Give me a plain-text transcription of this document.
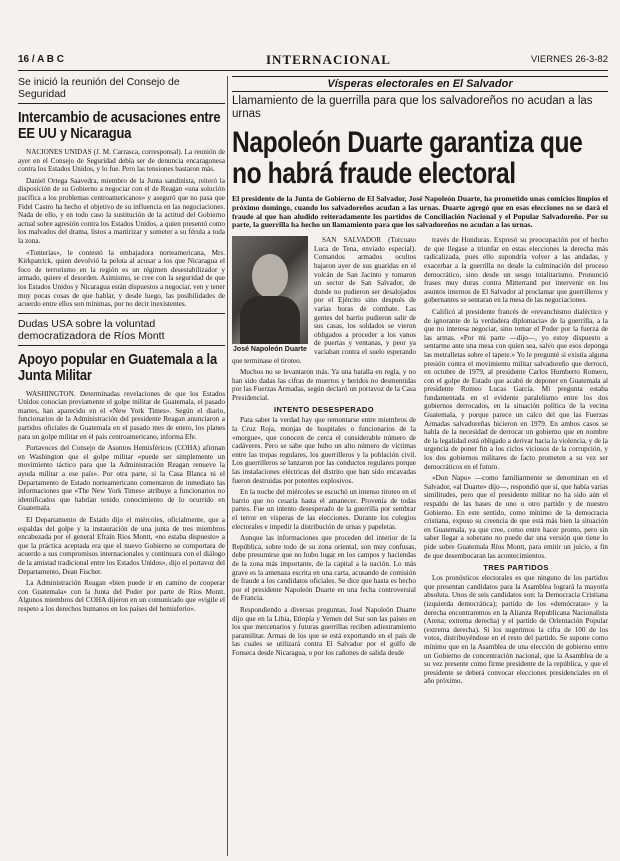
16 / A B C	INTERNACIONAL	VIERNES 26-3-82

Se inició la reunión del Consejo de Seguridad

Intercambio de acusaciones entre EE UU y Nicaragua

NACIONES UNIDAS (J. M. Carrasca, corresponsal). La reunión de ayer en el Consejo de Seguridad debía ser de denuncia encaragonesa contra los Estados Unidos, y lo fue. Pero las tensiones bastaron más.

Daniel Ortega Saavedra, miembro de la Junta sandinista, reiteró la disposición de su Gobierno a negociar con el de Reagan «una solución pacífica a los problemas centroamericanos» y aseguró que no pasa que Fidel Castro ha hecho el objetivo de su influencia en las negociaciones. Nada de ello, y en todo caso la sustitución de la actitud del Gobierno actual sobre agresión contra los Estados Unidos, a quien presentó como los malvados del drama, listos a martirizar y someter a su férula a toda la zona.

«Tonterías», le contestó la embajadora norteamericana, Mrs. Kirkpatrick, quien devolvió la pelota al acusar a los que Nicaragua el foco de terrorismo en la región es un régimen desestabilizador y armado, quiere el desorden. Asimismo, se cree con la seguridad de que los Estados Unidos y Nicaragua están dispuestos a negociar, ven y tener muy pocas cosas de que hablar, y desde luego, las posibilidades de acuerdo entre ellos son mínimas, por no decir inexistentes.

Dudas USA sobre la voluntad democratizadora de Ríos Montt

Apoyo popular en Guatemala a la Junta Militar

WASHINGTON. Determinadas revelaciones de que los Estados Unidos conocían previamente el golpe militar de Guatemala, el pasado martes, han aparecido en el «New York Times». Según el diario, funcionarios de la Administración del presidente Reagan anunciaron a partidos oficiales de Guatemala en el pasado mes de enero, los planes para un golpe militar en el país centroamericano, informa Efe.

Portavoces del Consejo de Asuntos Hemisféricos (COHA) afirman en Washington que el golpe militar «puede ser simplemente un movimiento táctico para que la Administración Reagan renueve la ayuda militar a ese país». Por otra parte, si la Casa Blanca ni el Departamento de Estado norteamericano comentaron de inmediato las informaciones que «The New York Times» atribuye a funcionarios no identificados que habrían tenido conocimiento de lo ocurrido en Guatemala.

El Departamento de Estado dijo el miércoles, oficialmente, que a espaldas del golpe y la instauración de una junta de tres miembros encabezada por el general Efraín Ríos Montt, «no estaba dispuesto» a que la práctica aceptada era que el nuevo Gobierno se comportara de acuerdo a sus compromisos internacionales y continuara con el diálogo de la amistad tradicional entre los Estados Unidos», dijo el portavoz del Departamento, Dean Fischer.

La Administración Reagan «bien puede ir en camino de cooperar con Guatemala» con la Junta del Poder por parte de Ríos Montt. Algunos miembros del COHA dijeron en un comunicado que «vigile el respeto a los derechos humanos en los países del hemisferio».

Vísperas electorales en El Salvador

Llamamiento de la guerrilla para que los salvadoreños no acudan a las urnas

Napoleón Duarte garantiza que no habrá fraude electoral

El presidente de la Junta de Gobierno de El Salvador, José Napoleón Duarte, ha prometido unas comicios limpios el próximo domingo, cuando los salvadoreños acudan a las urnas. Duarte agregó que en esas elecciones no se dará el fraude al que han aludido reiteradamente los partidos de Conciliación Nacional y el Popular Salvadoreño. Por su parte, la guerrilla ha hecho un llamamiento para que los salvadoreños no acudan a las urnas.

José Napoleón Duarte

SAN SALVADOR (Torcuato Luca de Tena, enviado especial). Comandos armados ocultos bajaron ayer de sus guaridas en el volcán de San Jacinto y tomaron un sector de San Salvador, de donde no pudieron ser desalojados por el Ejército sino después de varias horas de combate. Las gentes del barrio pudieron salir de sus casas, los soldados se vieron obligados a proceder a los vanos de puertas y ventanas, y peor ya vaciaban contra el suelo esperando que terminase el tiroteo.

Muchos no se levantaron más. Ya una batalla en regla, y no han sido dadas las cifras de muertos y heridos no desmentidas por las Fuerzas Armadas, según declaró un portavoz de la Casa Presidencial.

INTENTO DESESPERADO

Para saber la verdad hay que remontarse entre miembros de la Cruz Roja, monjas de hospitales o funcionarios de la «morgue», que conocen de cerca el considerable número de cadáveres. Pero se sabe que hubo un alto número de víctimas entre las tropas regulares, los guerrilleros y la población civil. Los guerrilleros se lanzaron por las conductos regulares porque las instalaciones eléctricas del distrito que han sido encavadas fueron destruidas por potentes explosivos.

En la noche del miércoles se escuchó un intenso tiroteo en el barrio que no cesaría hasta el amanecer. Provenía de todas partes. Fue un intento desesperado de la guerrilla por sembrar el terror en vísperas de las elecciones. Durante los colegios electorales e impedir la distribución de urnas y papeletas.

Aunque las informaciones que proceden del interior de la República, sobre todo de su zona oriental, son muy confusas, debe presumirse que no hubo lugar en los campos y haciendas de la zona más importante, de la capital a la nación. Lo más grave es la amenaza escrita en una carta, acusando de comisión de fraude a los candidatos oficiales. Se dice que hasta es hecho por el presidente Napoleón Duarte en una fecha controversial de Francia.

Respondiendo a diversas preguntas, José Napoleón Duarte dijo que en la Libia, Etiopía y Yemen del Sur son las países en los que mercenarios y futuras guerrillas reciben adiestramiento paramilitar. Armas de los que se está exportando en el país de las cuales se utilizará contra El Salvador por el golfo de Fonseca desde Nicaragua, o por los cañones de salida desde

través de Honduras. Expresó su preocupación por el hecho de que llegase a triunfar en estas elecciones la derecha más radicalizada, pues ello supondría volver a las andadas, y exacerbar a la guerrilla no desde la culminación del proceso democrático, sino desde un sesgo totalitarismo. Pronunció frases muy duras contra Mitterrand por intervenir en los asuntos internos de El Salvador al proclamar que guerrilleros y gobernantes se sentaran en la mesa de las negociaciones.

Calificó al presidente francés de «revanchismo dialéctico y de ignorante de la verdadera diplomacia» de la guerrilla, a la que no interesa negociar, sino tomar el Poder por la fuerza de las armas. «Por mi parte —dijo—, yo estoy dispuesto a sentarme ante una mesa con quien sea, salvo que esos deponga las metralletas sobre el tapete.» Yo le pregunté si existía alguna presión contra el movimiento militar salvadoreño que derrocó, en octubre de 1979, al presidente Carlos Humberto Romero, con el golpe de Estado que acabó de deponer en Guatemala al presidente Romeo Lucas García. Mi pregunta estaba fundamentada en el evidente paralelismo entre los dos gobiernos derrocados, en la situación política de la vecina Guatemala, y porque parece un calco del que las Fuerzas Armadas salvadoreñas hicieron en 1979. En ambos casos se habla de la necesidad de derrocar un gobierno que en nombre de la legalidad está obligado a derivar hacia la violencia, y de la urgencia de poner fin a los ciclos viciosos de la corrupción, y los dos gobiernos militares de facto prometen a su vez ser democráticos en el futuro.

«Don Napo» —como familiarmente se denominan en el Salvador, «al Duarte» dijo—, respondió que sí, que había varias similitudes, pero que el presidente militar no ha sido aún el respaldo de las bases de uno u otro partido y de nuestro Gobierno. En este sentido, como mínimo de la democracia cristiana, expuso su creencia de que está más bien la situación en Guatemala, ya que cree, como entre hacer pronto, pero sin saber llegar a soberano no puede dar una versión que tiene lo pide sobre Guatemala Ríos Montt, para emitir un juicio, a fin de que desembocaran las acontecimientos.

TRES PARTIDOS

Los pronósticos electorales es que ninguno de los partidos que presentan candidatos para la Asamblea logrará la mayoría absoluta. Unos de seis candidatos son: la Democracia Cristiana (izquierda democrática); partido de los «demócratas» y la derecha encontraremos en la Alianza Republicana Nacionalista (Arena; extrema derecha) y el partido de Orientación Popular (extrema derecha). Si los sugerimos la cifra de 100 de los votos, distribuyéndose en el resto del partido. Se supone como mínimo que en la Asamblea de una elección de gobierno entre un Gobierno de concentración nacional, que la Asamblea de a su vez presente como firme presidente de la república, y que el presidente se deberá convocar elecciones presidenciales en el año próximo.
